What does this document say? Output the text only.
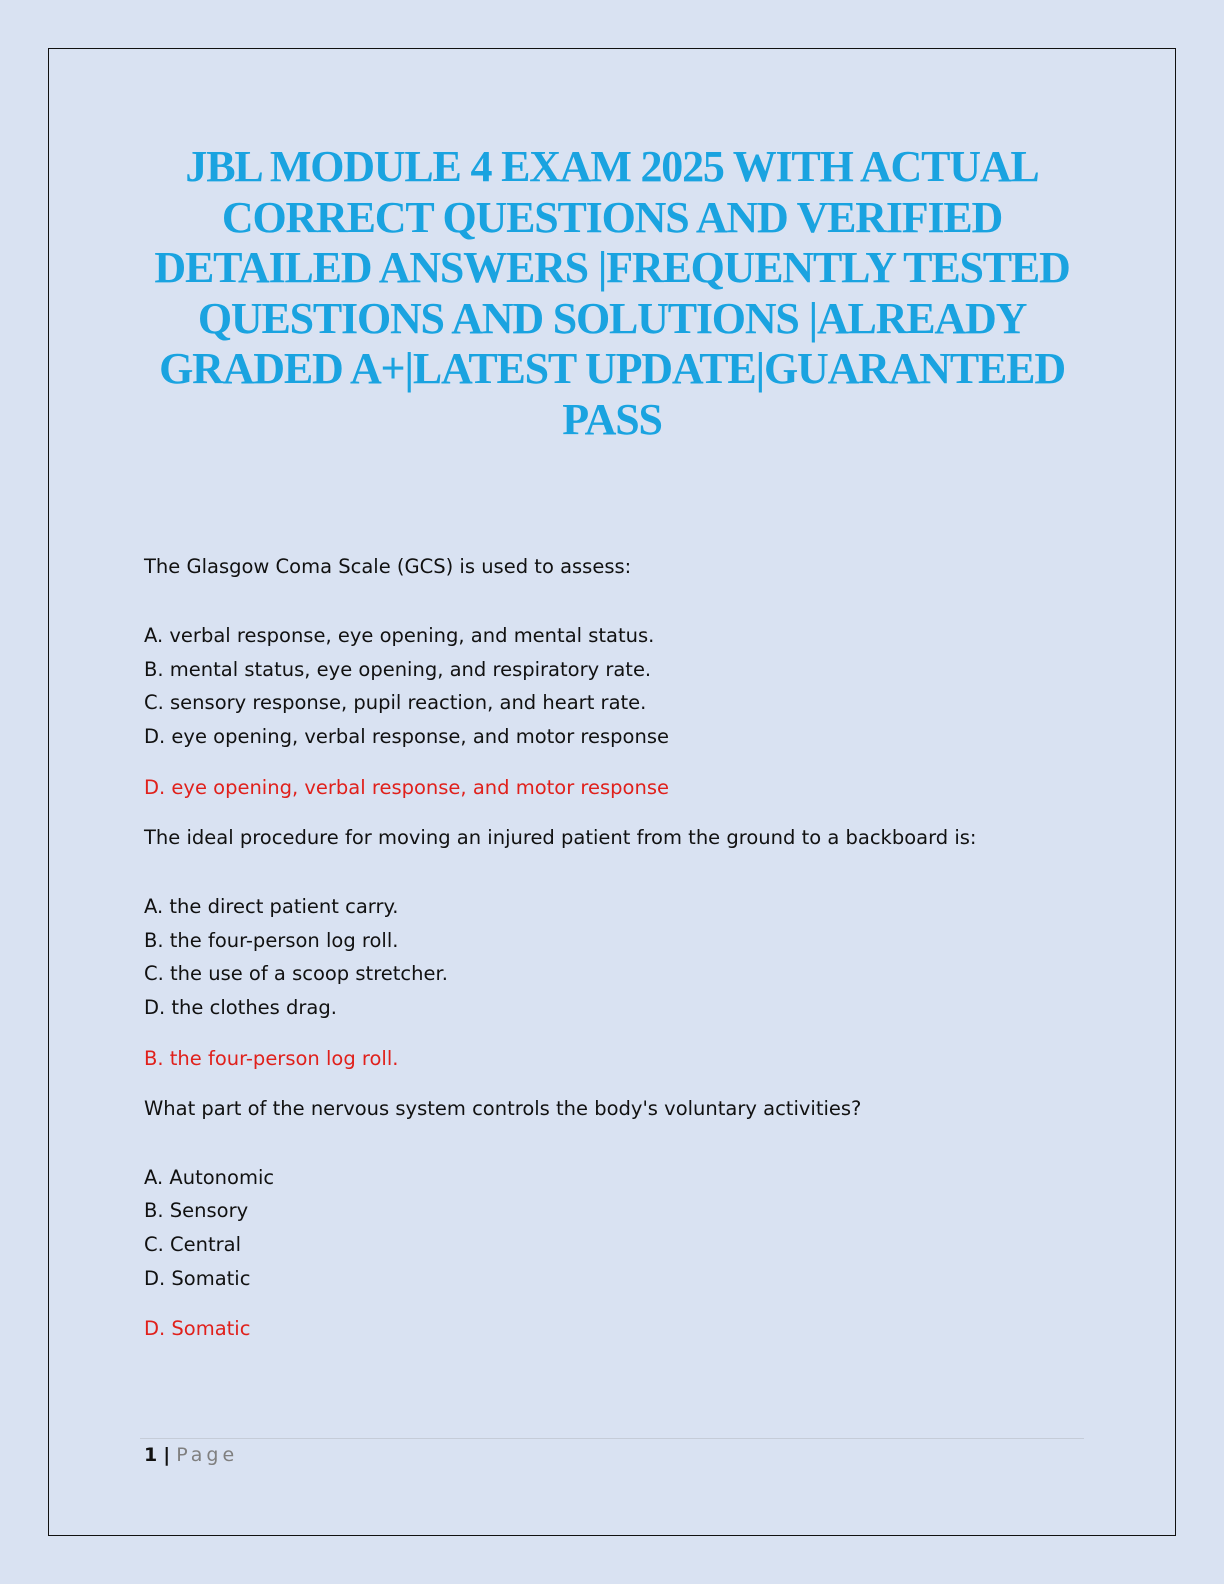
JBL MODULE 4 EXAM 2025 WITH ACTUAL CORRECT QUESTIONS AND VERIFIED DETAILED ANSWERS |FREQUENTLY TESTED QUESTIONS AND SOLUTIONS |ALREADY GRADED A+|LATEST UPDATE|GUARANTEED PASS

The Glasgow Coma Scale (GCS) is used to assess:

A. verbal response, eye opening, and mental status.
B. mental status, eye opening, and respiratory rate.
C. sensory response, pupil reaction, and heart rate.
D. eye opening, verbal response, and motor response

D. eye opening, verbal response, and motor response

The ideal procedure for moving an injured patient from the ground to a backboard is:

A. the direct patient carry.
B. the four-person log roll.
C. the use of a scoop stretcher.
D. the clothes drag.

B. the four-person log roll.

What part of the nervous system controls the body's voluntary activities?

A. Autonomic
B. Sensory
C. Central
D. Somatic

D. Somatic

1 | Page
